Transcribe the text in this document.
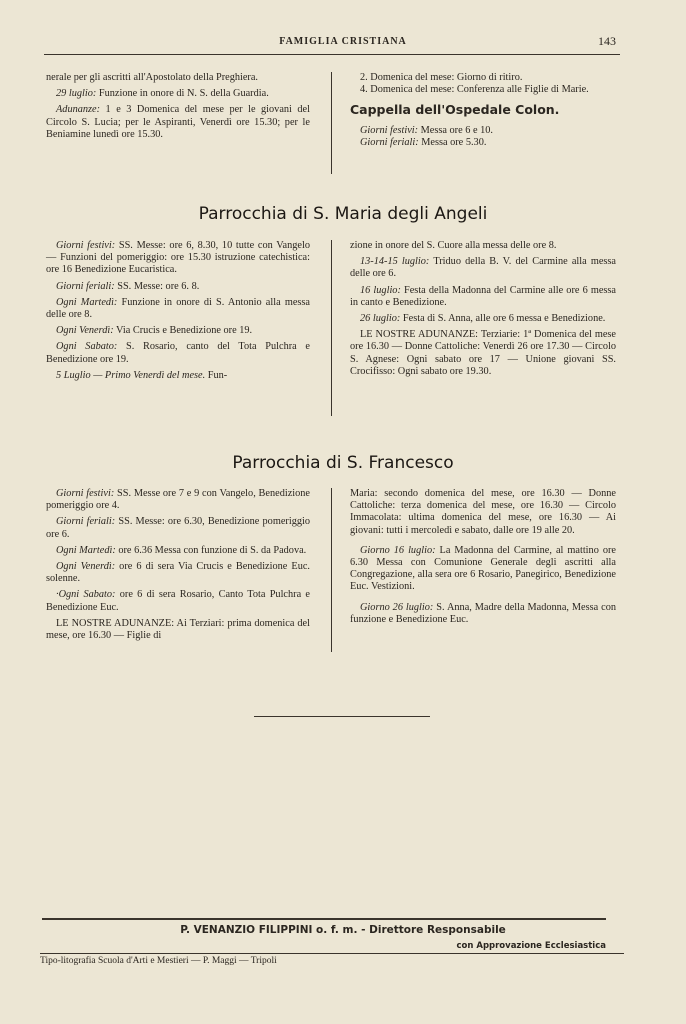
FAMIGLIA CRISTIANA	143

nerale per gli ascritti all'Apostolato della Preghiera.

29 luglio: Funzione in onore di N. S. della Guardia.

Adunanze: 1 e 3 Domenica del mese per le giovani del Circolo S. Lucia; per le Aspiranti, Venerdì ore 15.30; per le Beniamine lunedì ore 15.30.

2. Domenica del mese: Giorno di ritiro.

4. Domenica del mese: Conferenza alle Figlie di Marie.

Cappella dell'Ospedale Colon.

Giorni festivi: Messa ore 6 e 10.

Giorni feriali: Messa ore 5.30.

Parrocchia di S. Maria degli Angeli

Giorni festivi: SS. Messe: ore 6, 8.30, 10 tutte con Vangelo — Funzioni del pomeriggio: ore 15.30 istruzione catechistica: ore 16 Benedizione Eucaristica.

Giorni feriali: SS. Messe: ore 6. 8.

Ogni Martedì: Funzione in onore di S. Antonio alla messa delle ore 8.

Ogni Venerdì: Via Crucis e Benedizione ore 19.

Ogni Sabato: S. Rosario, canto del Tota Pulchra e Benedizione ore 19.

5 Luglio — Primo Venerdì del mese. Fun-

zione in onore del S. Cuore alla messa delle ore 8.

13-14-15 luglio: Triduo della B. V. del Carmine alla messa delle ore 6.

16 luglio: Festa della Madonna del Carmine alle ore 6 messa in canto e Benedizione.

26 luglio: Festa di S. Anna, alle ore 6 messa e Benedizione.

LE NOSTRE ADUNANZE: Terziarie: 1ª Domenica del mese ore 16.30 — Donne Cattoliche: Venerdì 26 ore 17.30 — Circolo S. Agnese: Ogni sabato ore 17 — Unione giovani SS. Crocifisso: Ogni sabato ore 19.30.

Parrocchia di S. Francesco

Giorni festivi: SS. Messe ore 7 e 9 con Vangelo, Benedizione pomeriggio ore 4.

Giorni feriali: SS. Messe: ore 6.30, Benedizione pomeriggio ore 6.

Ogni Martedì: ore 6.36 Messa con funzione di S. da Padova.

Ogni Venerdì: ore 6 di sera Via Crucis e Benedizione Euc. solenne.

·Ogni Sabato: ore 6 di sera Rosario, Canto Tota Pulchra e Benedizione Euc.

LE NOSTRE ADUNANZE: Ai Terziari: prima domenica del mese, ore 16.30 — Figlie di

Maria: secondo domenica del mese, ore 16.30 — Donne Cattoliche: terza domenica del mese, ore 16.30 — Circolo Immacolata: ultima domenica del mese, ore 16.30 — Ai giovani: tutti i mercoledì e sabato, dalle ore 19 alle 20.

Giorno 16 luglio: La Madonna del Carmine, al mattino ore 6.30 Messa con Comunione Generale degli ascritti alla Congregazione, alla sera ore 6 Rosario, Panegirico, Benedizione Euc. Vestizioni.

Giorno 26 luglio: S. Anna, Madre della Madonna, Messa con funzione e Benedizione Euc.

P. VENANZIO FILIPPINI o. f. m. - Direttore Responsabile
con Approvazione Ecclesiastica
Tipo-litografia Scuola d'Arti e Mestieri — P. Maggi — Tripoli
